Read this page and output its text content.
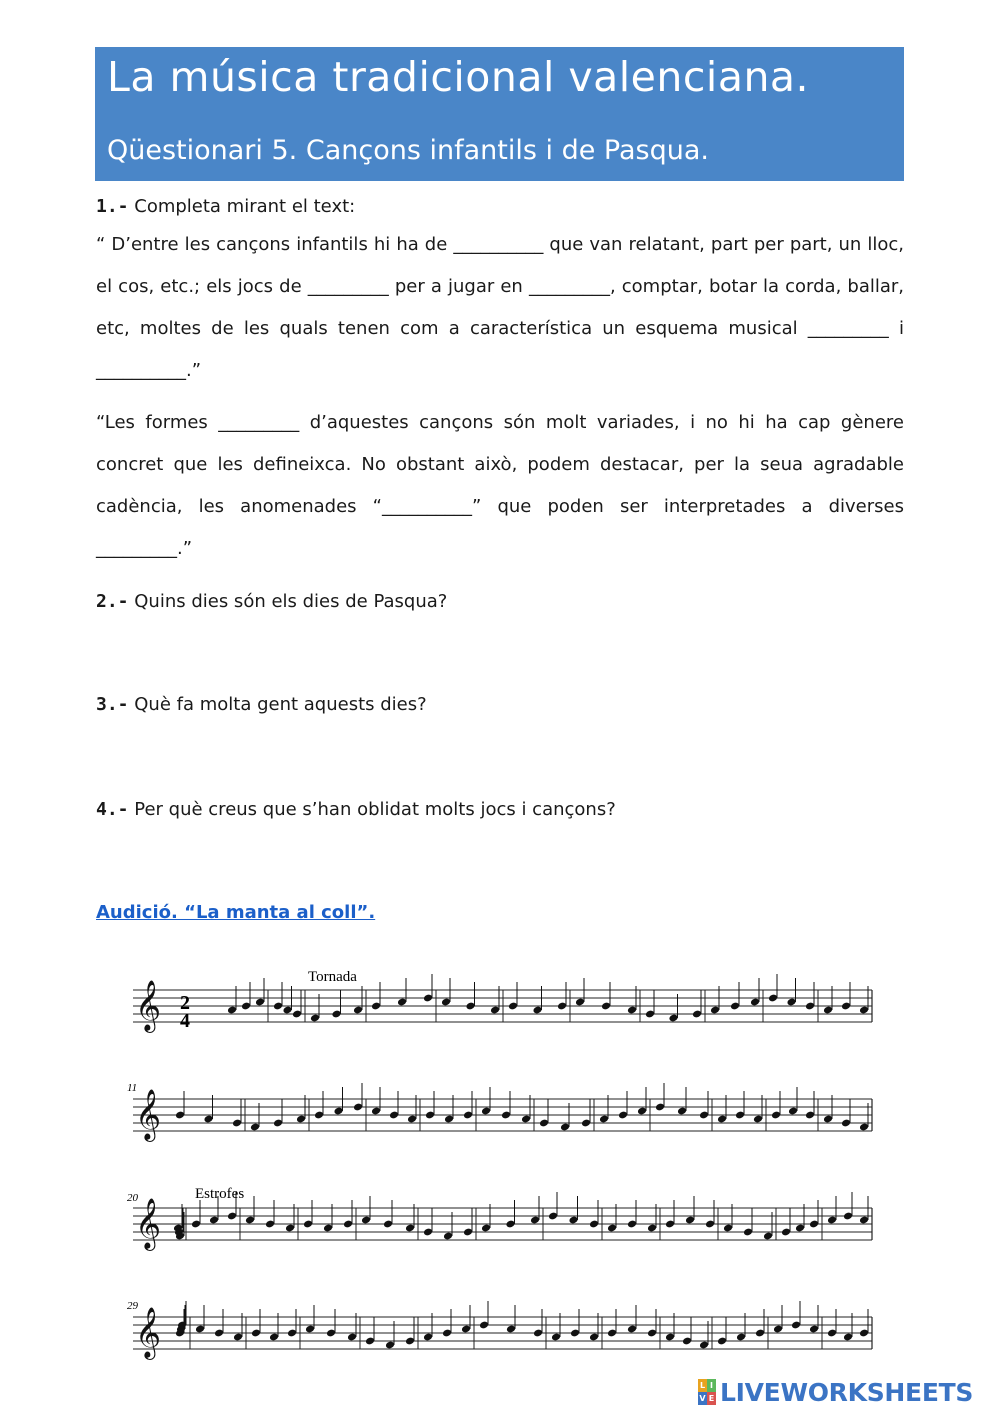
La música tradicional valenciana.
Qüestionari 5. Cançons infantils i de Pasqua.
1.- Completa mirant el text:
“ D’entre les cançons infantils hi ha de __________ que van relatant, part per part, un lloc, el cos, etc.; els jocs de _________ per a jugar en _________, comptar, botar la corda, ballar, etc, moltes de les quals tenen com a característica un esquema musical _________ i __________.”
“Les formes _________ d’aquestes cançons són molt variades, i no hi ha cap gènere concret que les defineixca. No obstant això, podem destacar, per la seua agradable cadència, les anomenades “__________” que poden ser interpretades a diverses _________.”
2.- Quins dies són els dies de Pasqua?
3.- Què fa molta gent aquests dies?
4.- Per què creus que s’han oblidat molts jocs i cançons?
Audició. “La manta al coll”.
𝄞
𝄞
𝄞
𝄞
Tornada
Estrofes
11
20
29
2
4
L I
V E LIVEWORKSHEETS
